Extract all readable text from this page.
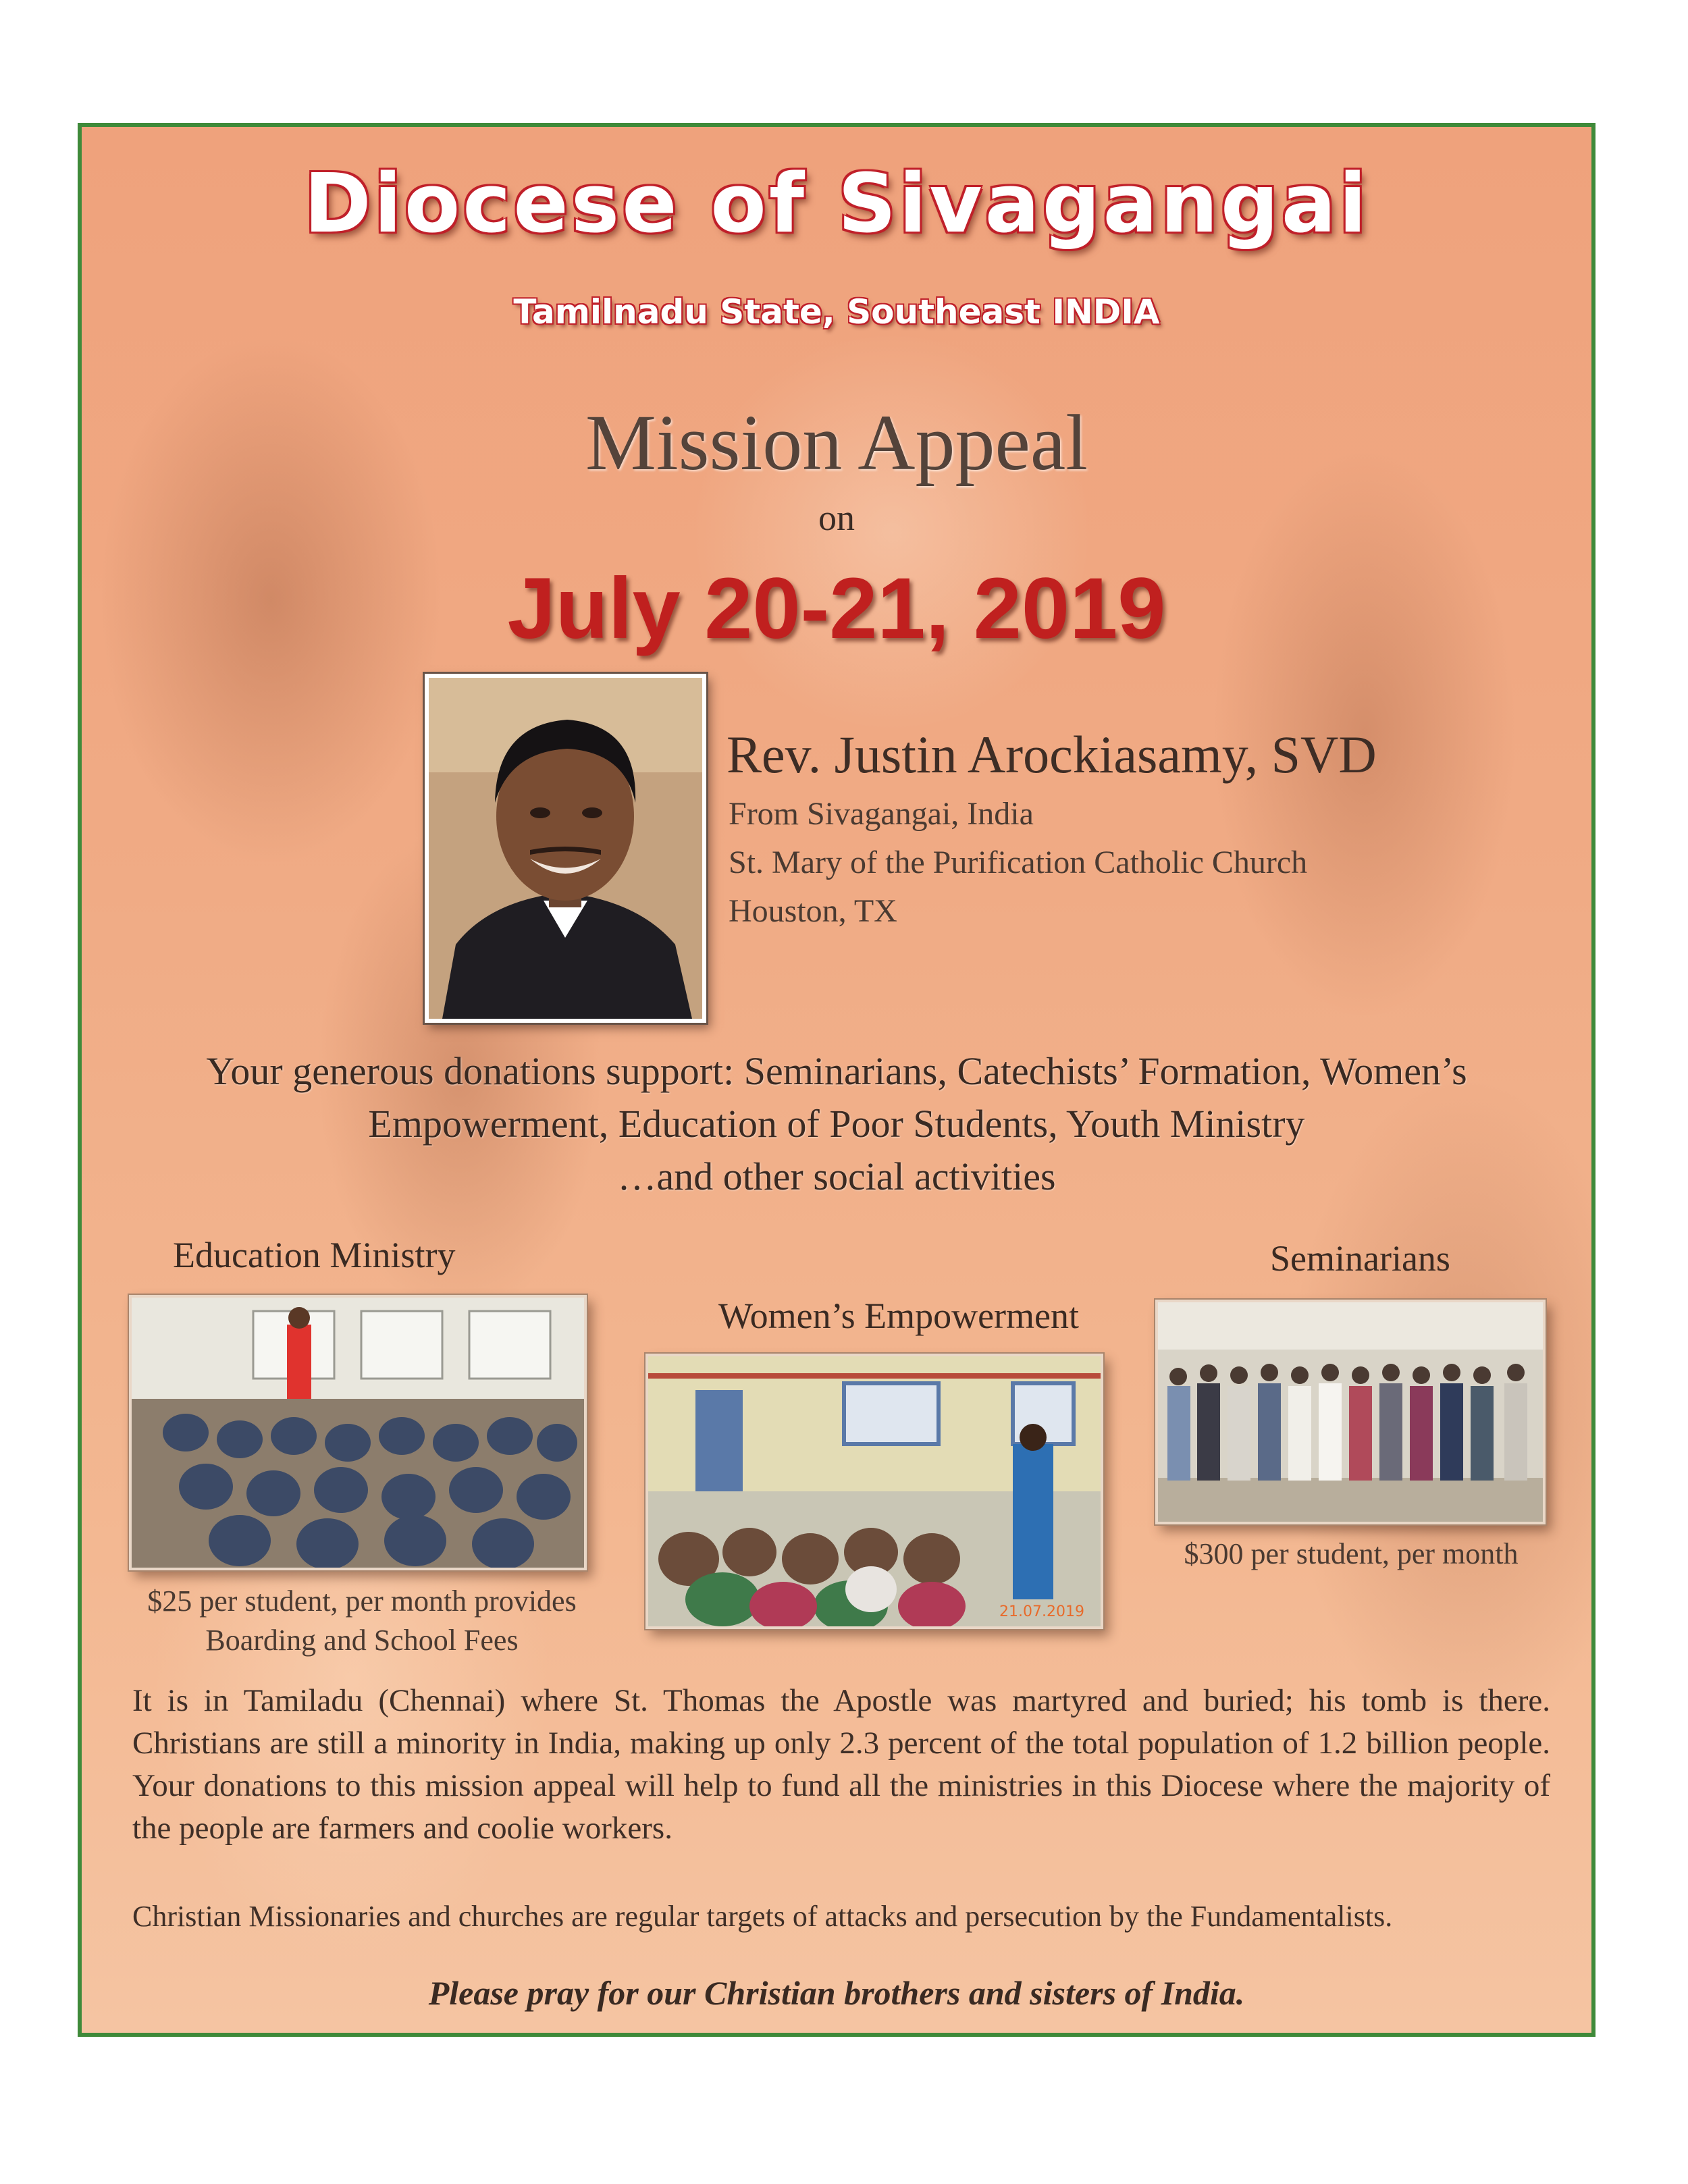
Diocese of Sivagangai
Tamilnadu State, Southeast INDIA
Mission Appeal
on
July 20-21, 2019
Rev. Justin Arockiasamy, SVD
From Sivagangai, India
St. Mary of the Purification Catholic Church
Houston, TX
Your generous donations support: Seminarians, Catechists’ Formation, Women’s
Empowerment, Education of Poor Students, Youth Ministry
…and other social activities
Education Ministry
$25 per student, per month provides
Boarding and School Fees
Women’s Empowerment
21.07.2019
Seminarians
$300 per student, per month
It is in Tamiladu (Chennai) where St. Thomas the Apostle was martyred and buried; his tomb is there. Christians are still a minority in India, making up only 2.3 percent of the total population of 1.2 billion people. Your donations to this mission appeal will help to fund all the ministries in this Diocese where the majority of the people are farmers and coolie workers.
Christian Missionaries and churches are regular targets of attacks and persecution by the Fundamentalists.
Please pray for our Christian brothers and sisters of India.
